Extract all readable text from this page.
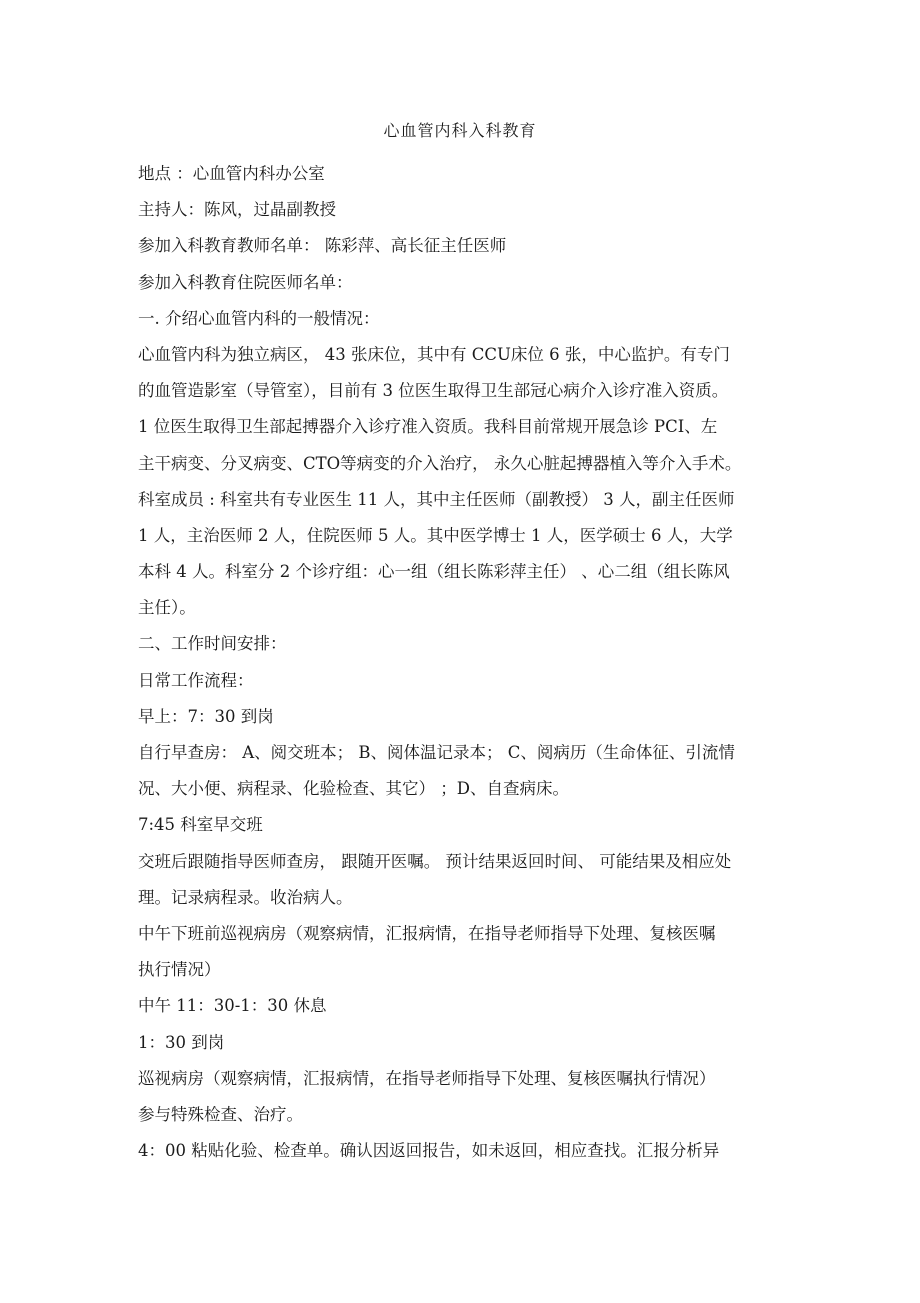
心血管内科入科教育
地点 ：心血管内科办公室
主持人：陈风，过晶副教授
参加入科教育教师名单： 陈彩萍、高长征主任医师
参加入科教育住院医师名单：
一. 介绍心血管内科的一般情况：
心血管内科为独立病区， 43 张床位，其中有 CCU床位 6 张，中心监护。有专门
的血管造影室（导管室），目前有 3 位医生取得卫生部冠心病介入诊疗准入资质。
1 位医生取得卫生部起搏器介入诊疗准入资质。我科目前常规开展急诊 PCI、左
主干病变、分叉病变、CTO等病变的介入治疗， 永久心脏起搏器植入等介入手术。
科室成员 : 科室共有专业医生 11 人，其中主任医师（副教授） 3 人，副主任医师
1 人，主治医师 2 人，住院医师 5 人。其中医学博士 1 人，医学硕士 6 人，大学
本科 4 人。科室分 2 个诊疗组：心一组（组长陈彩萍主任） 、心二组（组长陈风
主任）。
二、工作时间安排：
日常工作流程：
早上：7：30 到岗
自行早查房： A、阅交班本； B、阅体温记录本； C、阅病历（生命体征、引流情
况、大小便、病程录、化验检查、其它） ；D、自查病床。
7:45 科室早交班
交班后跟随指导医师查房， 跟随开医嘱。 预计结果返回时间、 可能结果及相应处
理。记录病程录。收治病人。
中午下班前巡视病房（观察病情，汇报病情，在指导老师指导下处理、复核医嘱
执行情况）
中午 11：30-1：30 休息
1：30 到岗
巡视病房（观察病情，汇报病情，在指导老师指导下处理、复核医嘱执行情况）
参与特殊检查、治疗。
4：00 粘贴化验、检查单。确认因返回报告，如未返回，相应查找。汇报分析异
